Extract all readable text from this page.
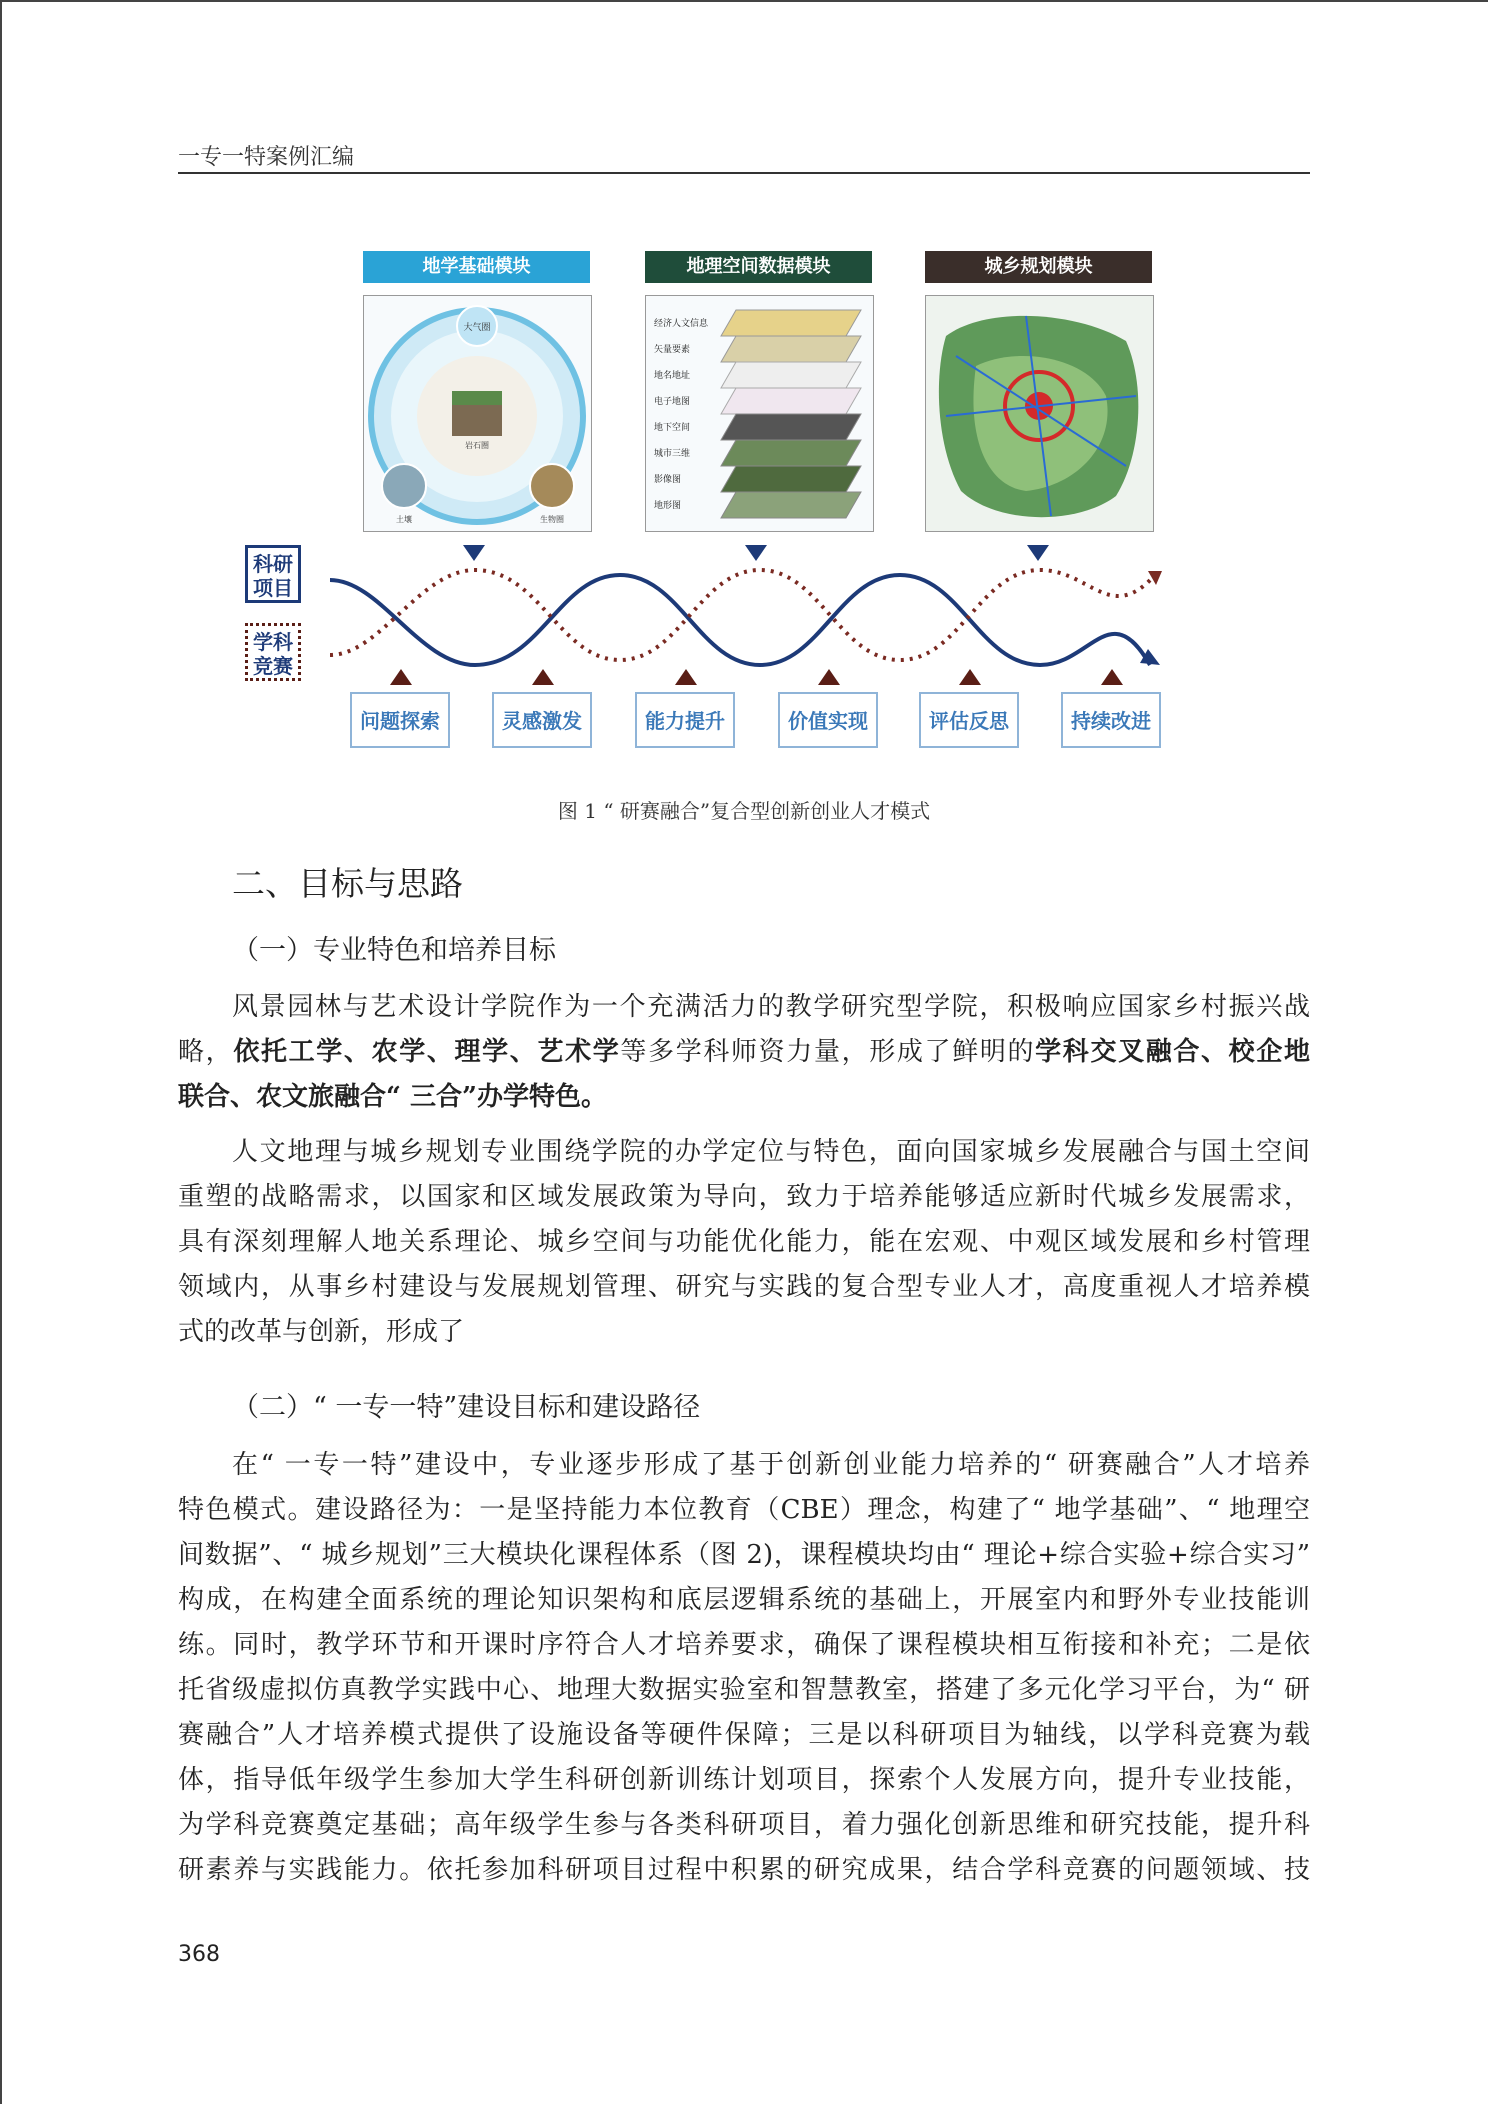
一专一特案例汇编
地学基础模块	地理空间数据模块	城乡规划模块
大气圈
土壤	生物圈
岩石圈
经济人文信息
矢量要素
地名地址
电子地图
地下空间
城市三维
影像图
地形图
科研项目
学科竞赛
问题探索	灵感激发	能力提升	价值实现	评估反思	持续改进
图 1 “ 研赛融合”复合型创新创业人才模式
二、目标与思路
（一）专业特色和培养目标
风景园林与艺术设计学院作为一个充满活力的教学研究型学院，积极响应国家乡村振兴战
略，依托工学、农学、理学、艺术学等多学科师资力量，形成了鲜明的学科交叉融合、校企地
联合、农文旅融合“ 三合”办学特色。
人文地理与城乡规划专业围绕学院的办学定位与特色，面向国家城乡发展融合与国土空间
重塑的战略需求，以国家和区域发展政策为导向，致力于培养能够适应新时代城乡发展需求，
具有深刻理解人地关系理论、城乡空间与功能优化能力，能在宏观、中观区域发展和乡村管理
领域内，从事乡村建设与发展规划管理、研究与实践的复合型专业人才，高度重视人才培养模
式的改革与创新，形成了
（二）“ 一专一特”建设目标和建设路径
在“ 一专一特”建设中，专业逐步形成了基于创新创业能力培养的“ 研赛融合”人才培养
特色模式。建设路径为：一是坚持能力本位教育（CBE）理念，构建了“ 地学基础”、“ 地理空
间数据”、“ 城乡规划”三大模块化课程体系（图 2)，课程模块均由“ 理论+综合实验+综合实习”
构成，在构建全面系统的理论知识架构和底层逻辑系统的基础上，开展室内和野外专业技能训
练。同时，教学环节和开课时序符合人才培养要求，确保了课程模块相互衔接和补充；二是依
托省级虚拟仿真教学实践中心、地理大数据实验室和智慧教室，搭建了多元化学习平台，为“ 研
赛融合”人才培养模式提供了设施设备等硬件保障；三是以科研项目为轴线，以学科竞赛为载
体，指导低年级学生参加大学生科研创新训练计划项目，探索个人发展方向，提升专业技能，
为学科竞赛奠定基础；高年级学生参与各类科研项目，着力强化创新思维和研究技能，提升科
研素养与实践能力。依托参加科研项目过程中积累的研究成果，结合学科竞赛的问题领域、技
368
